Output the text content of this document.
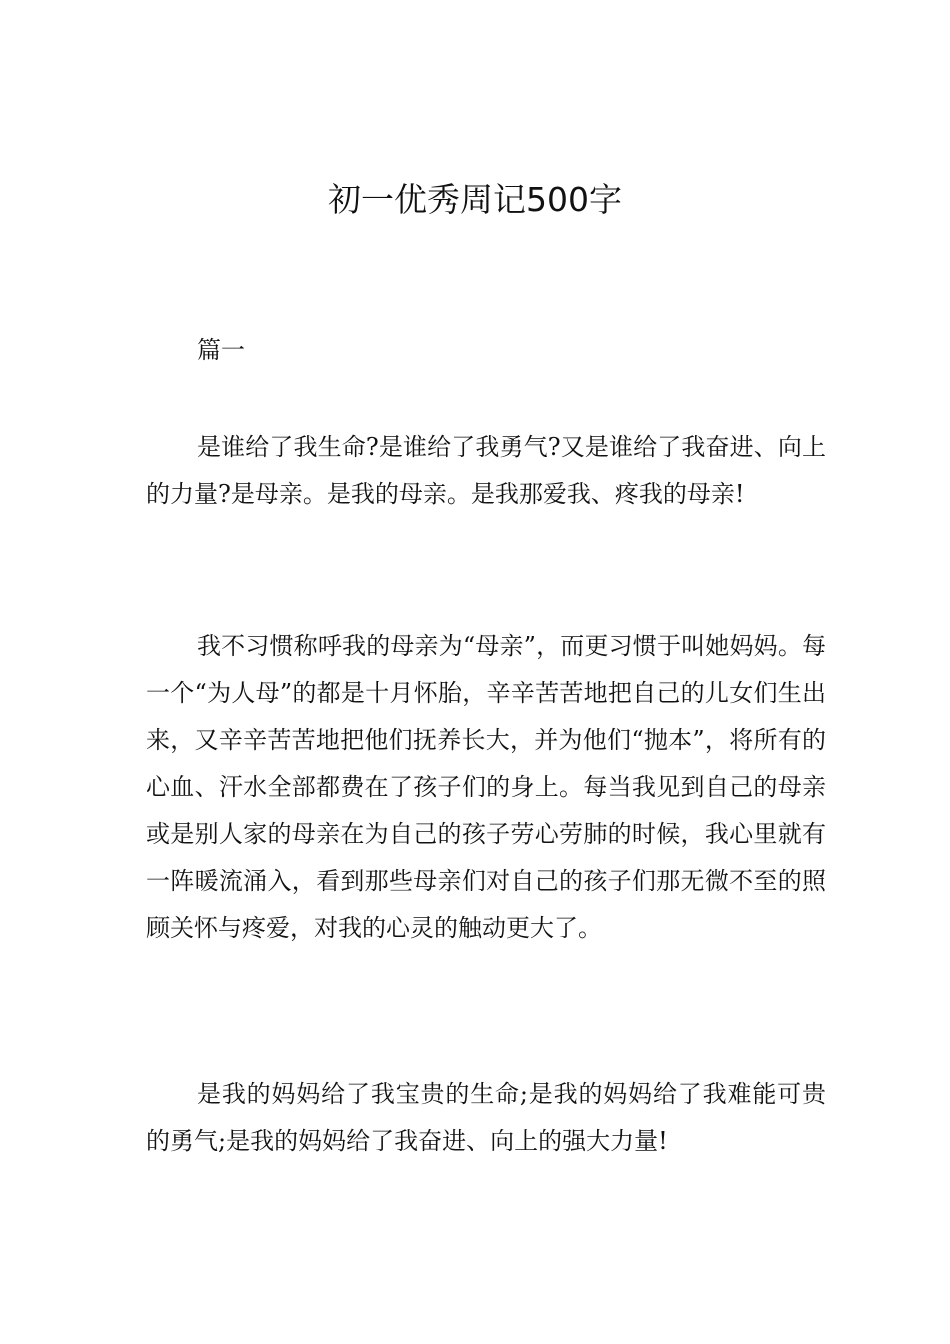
初一优秀周记500字

篇一

是谁给了我生命?是谁给了我勇气?又是谁给了我奋进、向上的力量?是母亲。是我的母亲。是我那爱我、疼我的母亲!

我不习惯称呼我的母亲为“母亲”，而更习惯于叫她妈妈。每一个“为人母”的都是十月怀胎，辛辛苦苦地把自己的儿女们生出来，又辛辛苦苦地把他们抚养长大，并为他们“抛本”，将所有的心血、汗水全部都费在了孩子们的身上。每当我见到自己的母亲或是别人家的母亲在为自己的孩子劳心劳肺的时候，我心里就有一阵暖流涌入，看到那些母亲们对自己的孩子们那无微不至的照顾关怀与疼爱，对我的心灵的触动更大了。

是我的妈妈给了我宝贵的生命;是我的妈妈给了我难能可贵的勇气;是我的妈妈给了我奋进、向上的强大力量!
